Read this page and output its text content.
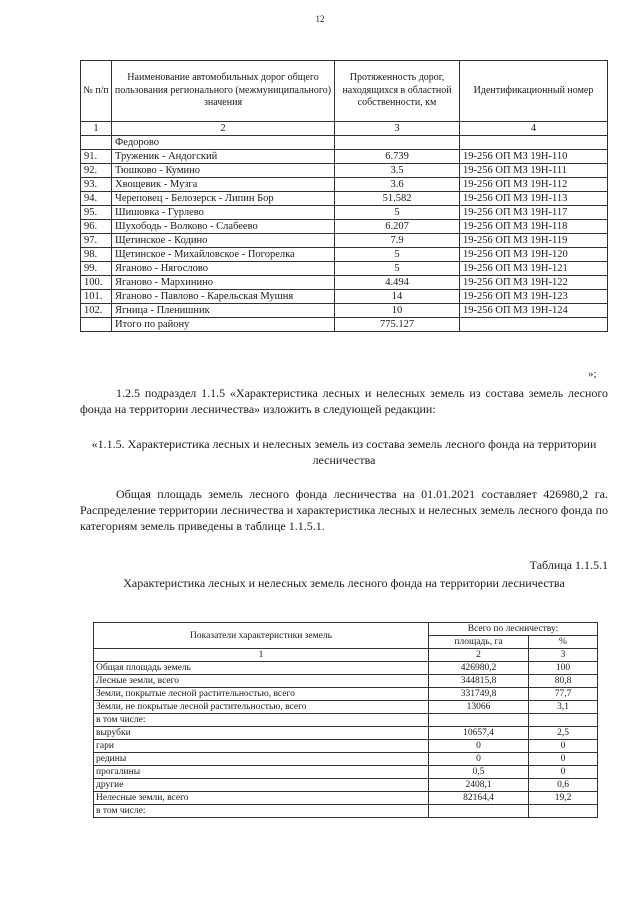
12
№ п/п	Наименование автомобильных дорог общего пользования регионального (межмуниципального) значения	Протяженность дорог, находящихся в областной собственности, км	Идентификационный номер
1	2	3	4
	Федорово		
91.	Труженик - Андогский	6.739	19-256 ОП МЗ 19Н-110
92.	Тюшково - Кумино	3.5	19-256 ОП МЗ 19Н-111
93.	Хвощевик - Музга	3.6	19-256 ОП МЗ 19Н-112
94.	Череповец - Белозерск - Липин Бор	51.582	19-256 ОП МЗ 19Н-113
95.	Шишовка - Гурлево	5	19-256 ОП МЗ 19Н-117
96.	Шухободь - Волково - Слабеево	6.207	19-256 ОП МЗ 19Н-118
97.	Щетинское - Кодино	7.9	19-256 ОП МЗ 19Н-119
98.	Щетинское - Михайловское - Погорелка	5	19-256 ОП МЗ 19Н-120
99.	Яганово - Нягослово	5	19-256 ОП МЗ 19Н-121
100.	Яганово - Мархинино	4.494	19-256 ОП МЗ 19Н-122
101.	Яганово - Павлово - Карельская Мушня	14	19-256 ОП МЗ 19Н-123
102.	Ягница - Пленишник	10	19-256 ОП МЗ 19Н-124
	Итого по району	775.127	
»;
1.2.5 подраздел 1.1.5 «Характеристика лесных и нелесных земель из состава земель лесного фонда на территории лесничества» изложить в следующей редакции:
«1.1.5. Характеристика лесных и нелесных земель из состава земель лесного фонда на территории лесничества
Общая площадь земель лесного фонда лесничества на 01.01.2021 составляет 426980,2 га. Распределение территории лесничества и характеристика лесных и нелесных земель лесного фонда по категориям земель приведены в таблице 1.1.5.1.
Таблица 1.1.5.1
Характеристика лесных и нелесных земель лесного фонда на территории лесничества
Показатели характеристики земель	Всего по лесничеству:	
	площадь, га	%
1	2	3
Общая площадь земель	426980,2	100
Лесные земли, всего	344815,8	80,8
Земли, покрытые лесной растительностью, всего	331749,8	77,7
Земли, не покрытые лесной растительностью, всего	13066	3,1
в том числе:		
вырубки	10657,4	2,5
гари	0	0
редины	0	0
прогалины	0,5	0
другие	2408,1	0,6
Нелесные земли, всего	82164,4	19,2
в том числе:		
